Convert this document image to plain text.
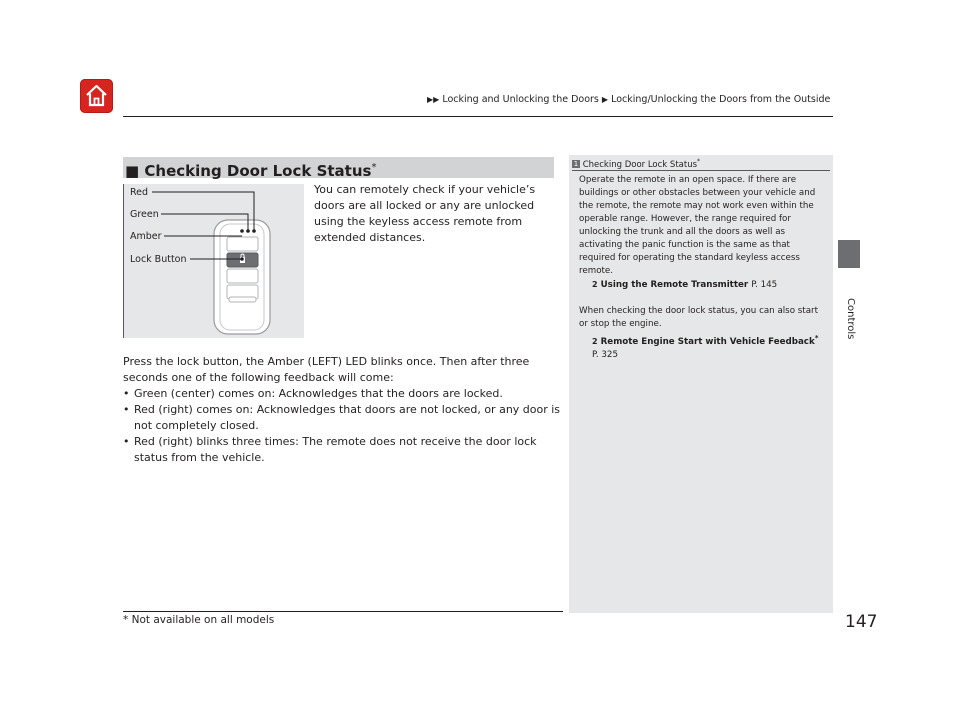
▶▶ Locking and Unlocking the Doors ▶ Locking/Unlocking the Doors from the Outside
Controls
■ Checking Door Lock Status*
Red
Green
Amber
Lock Button
You can remotely check if your vehicle’s doors are all locked or any are unlocked using the keyless access remote from extended distances.
Press the lock button, the Amber (LEFT) LED blinks once. Then after three seconds one of the following feedback will come:
• Green (center) comes on: Acknowledges that the doors are locked.
• Red (right) comes on: Acknowledges that doors are not locked, or any door is not completely closed.
• Red (right) blinks three times: The remote does not receive the door lock status from the vehicle.
1 Checking Door Lock Status*
Operate the remote in an open space. If there are buildings or other obstacles between your vehicle and the remote, the remote may not work even within the operable range. However, the range required for unlocking the trunk and all the doors as well as activating the panic function is the same as that required for operating the standard keyless access remote.
2 Using the Remote Transmitter P. 145
When checking the door lock status, you can also start or stop the engine.
2 Remote Engine Start with Vehicle Feedback* P. 325
* Not available on all models	147
